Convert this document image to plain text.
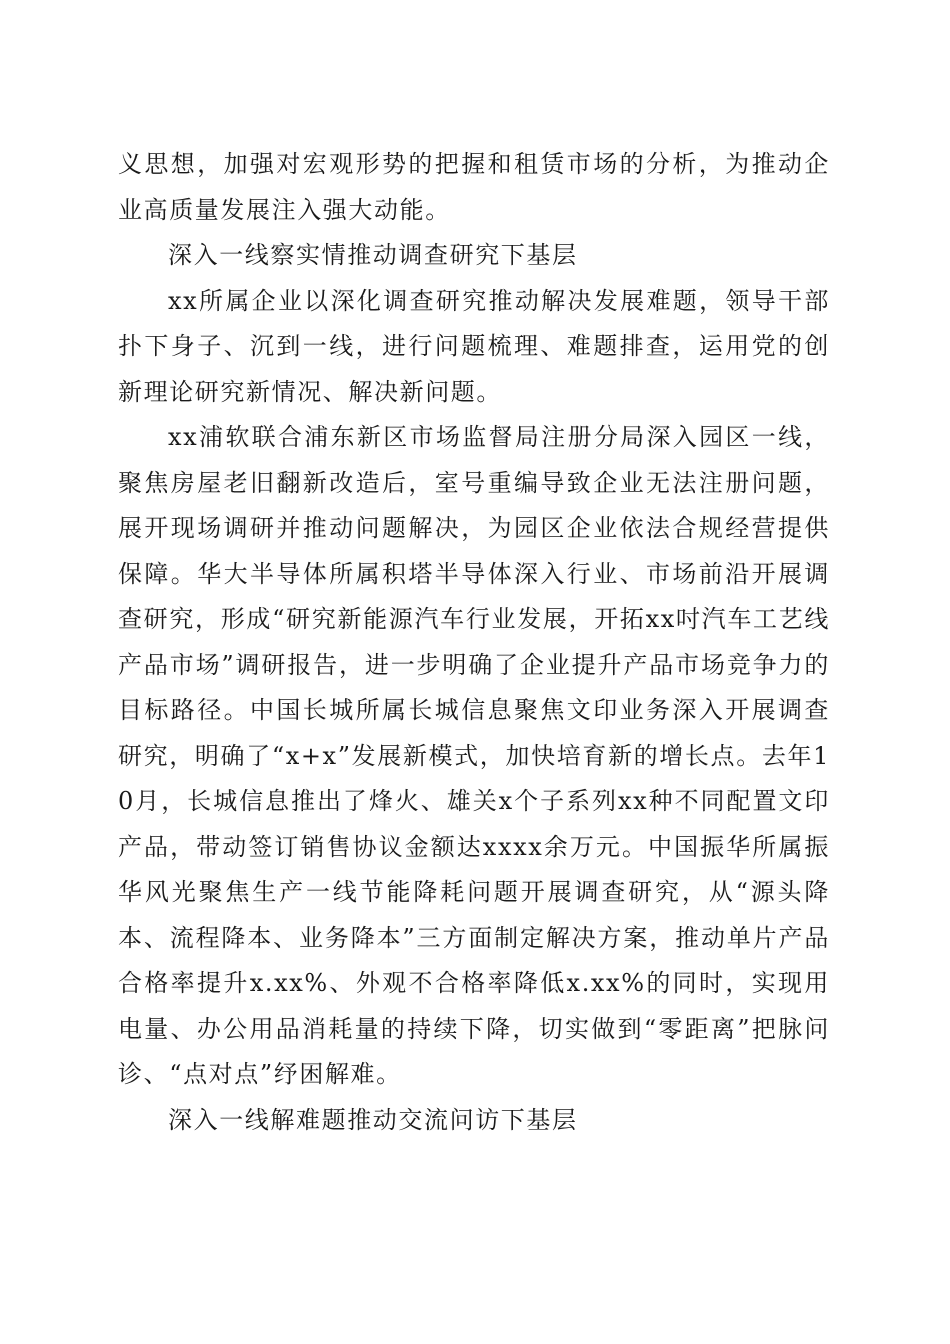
义思想，加强对宏观形势的把握和租赁市场的分析，为推动企业高质量发展注入强大动能。

深入一线察实情推动调查研究下基层

xx所属企业以深化调查研究推动解决发展难题，领导干部扑下身子、沉到一线，进行问题梳理、难题排查，运用党的创新理论研究新情况、解决新问题。

xx浦软联合浦东新区市场监督局注册分局深入园区一线，聚焦房屋老旧翻新改造后，室号重编导致企业无法注册问题，展开现场调研并推动问题解决，为园区企业依法合规经营提供保障。华大半导体所属积塔半导体深入行业、市场前沿开展调查研究，形成“研究新能源汽车行业发展，开拓xx吋汽车工艺线产品市场”调研报告，进一步明确了企业提升产品市场竞争力的目标路径。中国长城所属长城信息聚焦文印业务深入开展调查研究，明确了“x+x”发展新模式，加快培育新的增长点。去年10月，长城信息推出了烽火、雄关x个子系列xx种不同配置文印产品，带动签订销售协议金额达xxxx余万元。中国振华所属振华风光聚焦生产一线节能降耗问题开展调查研究，从“源头降本、流程降本、业务降本”三方面制定解决方案，推动单片产品合格率提升x.xx%、外观不合格率降低x.xx%的同时，实现用电量、办公用品消耗量的持续下降，切实做到“零距离”把脉问诊、“点对点”纾困解难。

深入一线解难题推动交流问访下基层
